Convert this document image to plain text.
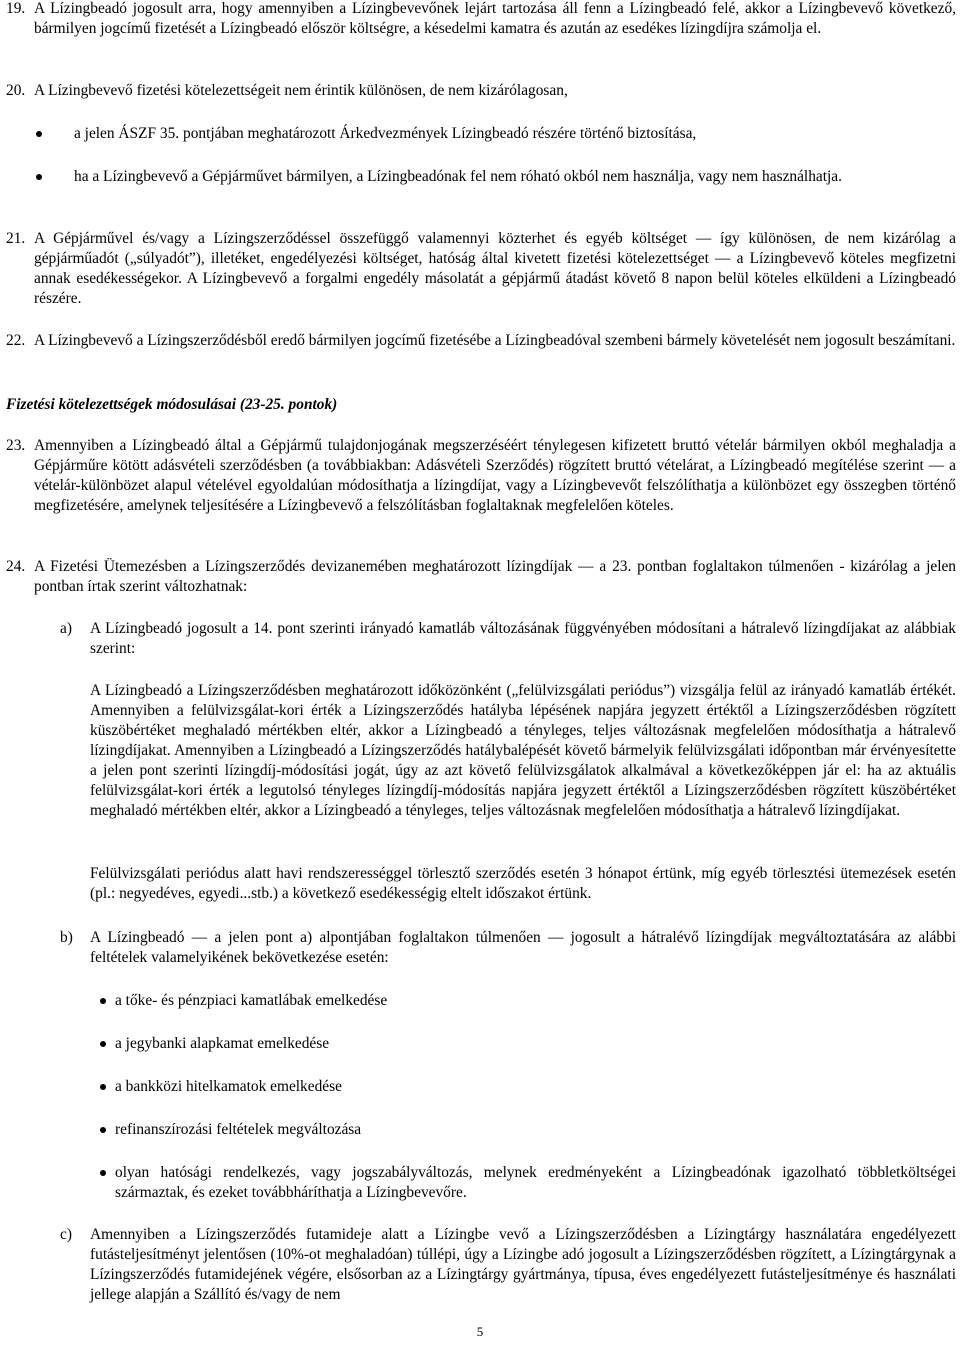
19. A Lízingbeadó jogosult arra, hogy amennyiben a Lízingbevevőnek lejárt tartozása áll fenn a Lízingbeadó felé, akkor a Lízingbevevő következő, bármilyen jogcímű fizetését a Lízingbeadó először költségre, a késedelmi kamatra és azután az esedékes lízingdíjra számolja el.
20. A Lízingbevevő fizetési kötelezettségeit nem érintik különösen, de nem kizárólagosan,
a jelen ÁSZF 35. pontjában meghatározott Árkedvezmények Lízingbeadó részére történő biztosítása,
ha a Lízingbevevő a Gépjárművet bármilyen, a Lízingbeadónak fel nem róható okból nem használja, vagy nem használhatja.
21. A Gépjárművel és/vagy a Lízingszerződéssel összefüggő valamennyi közterhet és egyéb költséget — így különösen, de nem kizárólag a gépjárműadót („súlyadót”), illetéket, engedélyezési költséget, hatóság által kivetett fizetési kötelezettséget — a Lízingbevevő köteles megfizetni annak esedékességekor. A Lízingbevevő a forgalmi engedély másolatát a gépjármű átadást követő 8 napon belül köteles elküldeni a Lízingbeadó részére.
22. A Lízingbevevő a Lízingszerződésből eredő bármilyen jogcímű fizetésébe a Lízingbeadóval szembeni bármely követelését nem jogosult beszámítani.
Fizetési kötelezettségek módosulásai (23-25. pontok)
23. Amennyiben a Lízingbeadó által a Gépjármű tulajdonjogának megszerzéséért ténylegesen kifizetett bruttó vételár bármilyen okból meghaladja a Gépjárműre kötött adásvételi szerződésben (a továbbiakban: Adásvételi Szerződés) rögzített bruttó vételárat, a Lízingbeadó megítélése szerint — a vételár-különbözet alapul vételével egyoldalúan módosíthatja a lízingdíjat, vagy a Lízingbevevőt felszólíthatja a különbözet egy összegben történő megfizetésére, amelynek teljesítésére a Lízingbevevő a felszólításban foglaltaknak megfelelően köteles.
24. A Fizetési Ütemezésben a Lízingszerződés devizanemében meghatározott lízingdíjak — a 23. pontban foglaltakon túlmenően - kizárólag a jelen pontban írtak szerint változhatnak:
a) A Lízingbeadó jogosult a 14. pont szerinti irányadó kamatláb változásának függvényében módosítani a hátralevő lízingdíjakat az alábbiak szerint:
A Lízingbeadó a Lízingszerződésben meghatározott időközönként („felülvizsgálati periódus”) vizsgálja felül az irányadó kamatláb értékét. Amennyiben a felülvizsgálat-kori érték a Lízingszerződés hatályba lépésének napjára jegyzett értéktől a Lízingszerződésben rögzített küszöbértéket meghaladó mértékben eltér, akkor a Lízingbeadó a tényleges, teljes változásnak megfelelően módosíthatja a hátralevő lízingdíjakat. Amennyiben a Lízingbeadó a Lízingszerződés hatálybalépését követő bármelyik felülvizsgálati időpontban már érvényesítette a jelen pont szerinti lízingdíj-módosítási jogát, úgy az azt követő felülvizsgálatok alkalmával a következőképpen jár el: ha az aktuális felülvizsgálat-kori érték a legutolsó tényleges lízingdíj-módosítás napjára jegyzett értéktől a Lízingszerződésben rögzített küszöbértéket meghaladó mértékben eltér, akkor a Lízingbeadó a tényleges, teljes változásnak megfelelően módosíthatja a hátralevő lízingdíjakat.
Felülvizsgálati periódus alatt havi rendszerességgel törlesztő szerződés esetén 3 hónapot értünk, míg egyéb törlesztési ütemezések esetén (pl.: negyedéves, egyedi...stb.) a következő esedékességig eltelt időszakot értünk.
b) A Lízingbeadó — a jelen pont a) alpontjában foglaltakon túlmenően — jogosult a hátralévő lízingdíjak megváltoztatására az alábbi feltételek valamelyikének bekövetkezése esetén:
a tőke- és pénzpiaci kamatlábak emelkedése
a jegybanki alapkamat emelkedése
a bankközi hitelkamatok emelkedése
refinanszírozási feltételek megváltozása
olyan hatósági rendelkezés, vagy jogszabályváltozás, melynek eredményeként a Lízingbeadónak igazolható többletköltségei származtak, és ezeket továbbháríthatja a Lízingbevevőre.
c) Amennyiben a Lízingszerződés futamideje alatt a Lízingbe vevő a Lízingszerződésben a Lízingtárgy használatára engedélyezett futásteljesítményt jelentősen (10%-ot meghaladóan) túllépi, úgy a Lízingbe adó jogosult a Lízingszerződésben rögzített, a Lízingtárgynak a Lízingszerződés futamidejének végére, elsősorban az a Lízingtárgy gyártmánya, típusa, éves engedélyezett futásteljesítménye és használati jellege alapján a Szállító és/vagy de nem
5
